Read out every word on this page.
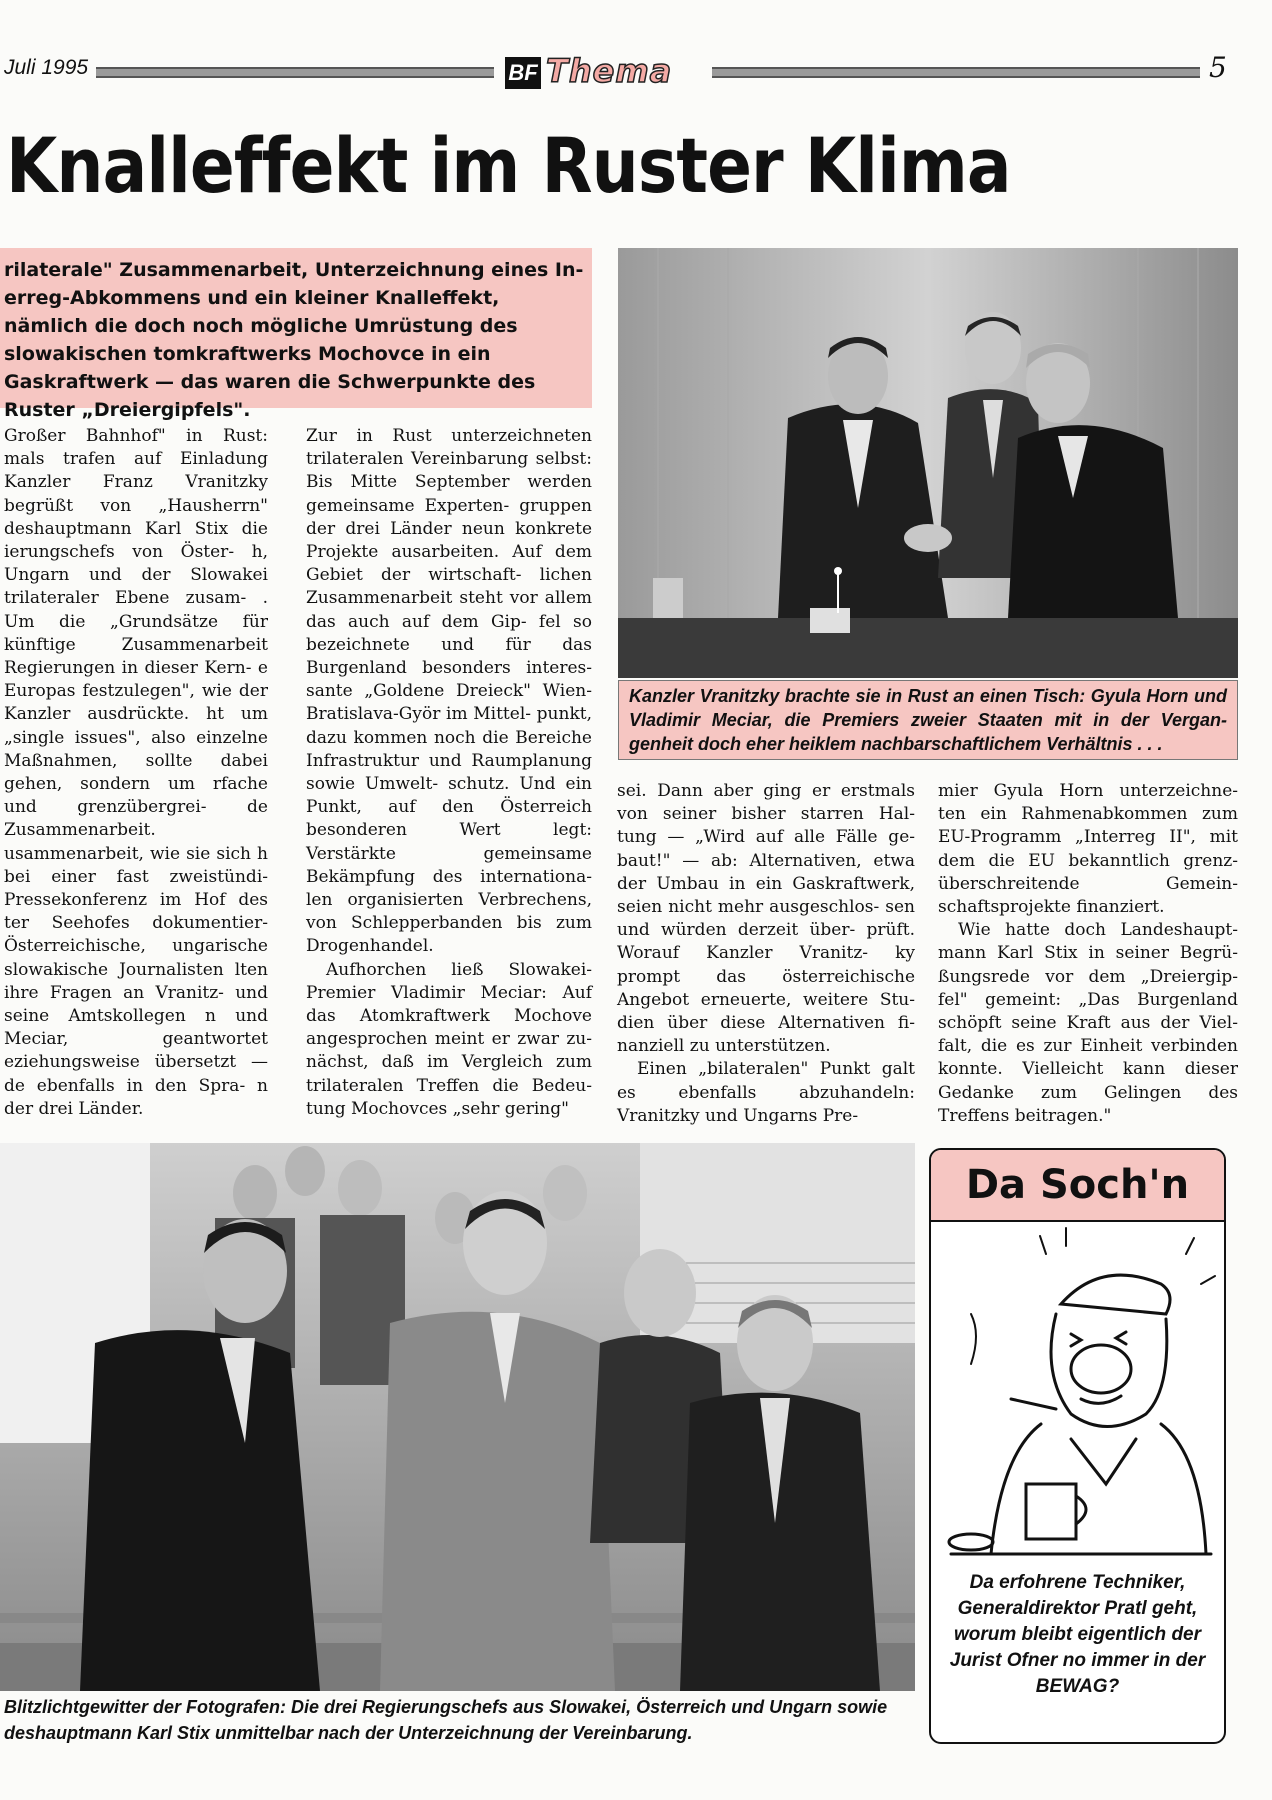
Juli 1995	BF Thema	5
Knalleffekt im Ruster Klima
rilaterale" Zusammenarbeit, Unterzeichnung eines In- erreg-Abkommens und ein kleiner Knalleffekt, nämlich die doch noch mögliche Umrüstung des slowakischen tomkraftwerks Mochovce in ein Gaskraftwerk — das waren die Schwerpunkte des Ruster „Dreiergipfels".

Großer Bahnhof" in Rust: mals trafen auf Einladung Kanzler Franz Vranitzky begrüßt von „Hausherrn" deshauptmann Karl Stix die ierungschefs von Öster- h, Ungarn und der Slowakei trilateraler Ebene zusam- . Um die „Grundsätze für künftige Zusammenarbeit Regierungen in dieser Kern- e Europas festzulegen", wie der Kanzler ausdrückte. ht um „single issues", also einzelne Maßnahmen, sollte dabei gehen, sondern um rfache und grenzübergrei- de Zusammenarbeit. usammenarbeit, wie sie sich h bei einer fast zweistündi- Pressekonferenz im Hof des ter Seehofes dokumentier- Österreichische, ungarische slowakische Journalisten lten ihre Fragen an Vranitz- und seine Amtskollegen n und Meciar, geantwortet eziehungsweise übersetzt — de ebenfalls in den Spra- n der drei Länder.

Zur in Rust unterzeichneten trilateralen Vereinbarung selbst: Bis Mitte September werden gemeinsame Experten- gruppen der drei Länder neun konkrete Projekte ausarbeiten. Auf dem Gebiet der wirtschaft- lichen Zusammenarbeit steht vor allem das auch auf dem Gip- fel so bezeichnete und für das Burgenland besonders interes- sante „Goldene Dreieck" Wien- Bratislava-Györ im Mittel- punkt, dazu kommen noch die Bereiche Infrastruktur und Raumplanung sowie Umwelt- schutz. Und ein Punkt, auf den Österreich besonderen Wert legt: Verstärkte gemeinsame Bekämpfung des internationa- len organisierten Verbrechens, von Schlepperbanden bis zum Drogenhandel.

Aufhorchen ließ Slowakei- Premier Vladimir Meciar: Auf das Atomkraftwerk Mochove angesprochen meint er zwar zu- nächst, daß im Vergleich zum trilateralen Treffen die Bedeu- tung Mochovces „sehr gering"

sei. Dann aber ging er erstmals von seiner bisher starren Hal- tung — „Wird auf alle Fälle ge- baut!" — ab: Alternativen, etwa der Umbau in ein Gaskraftwerk, seien nicht mehr ausgeschlos- sen und würden derzeit über- prüft. Worauf Kanzler Vranitz- ky prompt das österreichische Angebot erneuerte, weitere Stu- dien über diese Alternativen fi- nanziell zu unterstützen.

Einen „bilateralen" Punkt galt es ebenfalls abzuhandeln: Vranitzky und Ungarns Pre-

mier Gyula Horn unterzeichne- ten ein Rahmenabkommen zum EU-Programm „Interreg II", mit dem die EU bekanntlich grenz- überschreitende Gemein- schaftsprojekte finanziert.

Wie hatte doch Landeshaupt- mann Karl Stix in seiner Begrü- ßungsrede vor dem „Dreiergip- fel" gemeint: „Das Burgenland schöpft seine Kraft aus der Viel- falt, die es zur Einheit verbinden konnte. Vielleicht kann dieser Gedanke zum Gelingen des Treffens beitragen."

Kanzler Vranitzky brachte sie in Rust an einen Tisch: Gyula Horn und Vladimir Meciar, die Premiers zweier Staaten mit in der Vergan- genheit doch eher heiklem nachbarschaftlichem Verhältnis . . .
Blitzlichtgewitter der Fotografen: Die drei Regierungschefs aus Slowakei, Österreich und Ungarn sowie deshauptmann Karl Stix unmittelbar nach der Unterzeichnung der Vereinbarung.
Da Soch'n
Da erfohrene Techniker, Generaldirektor Pratl geht, worum bleibt eigentlich der Jurist Ofner no immer in der BEWAG?
